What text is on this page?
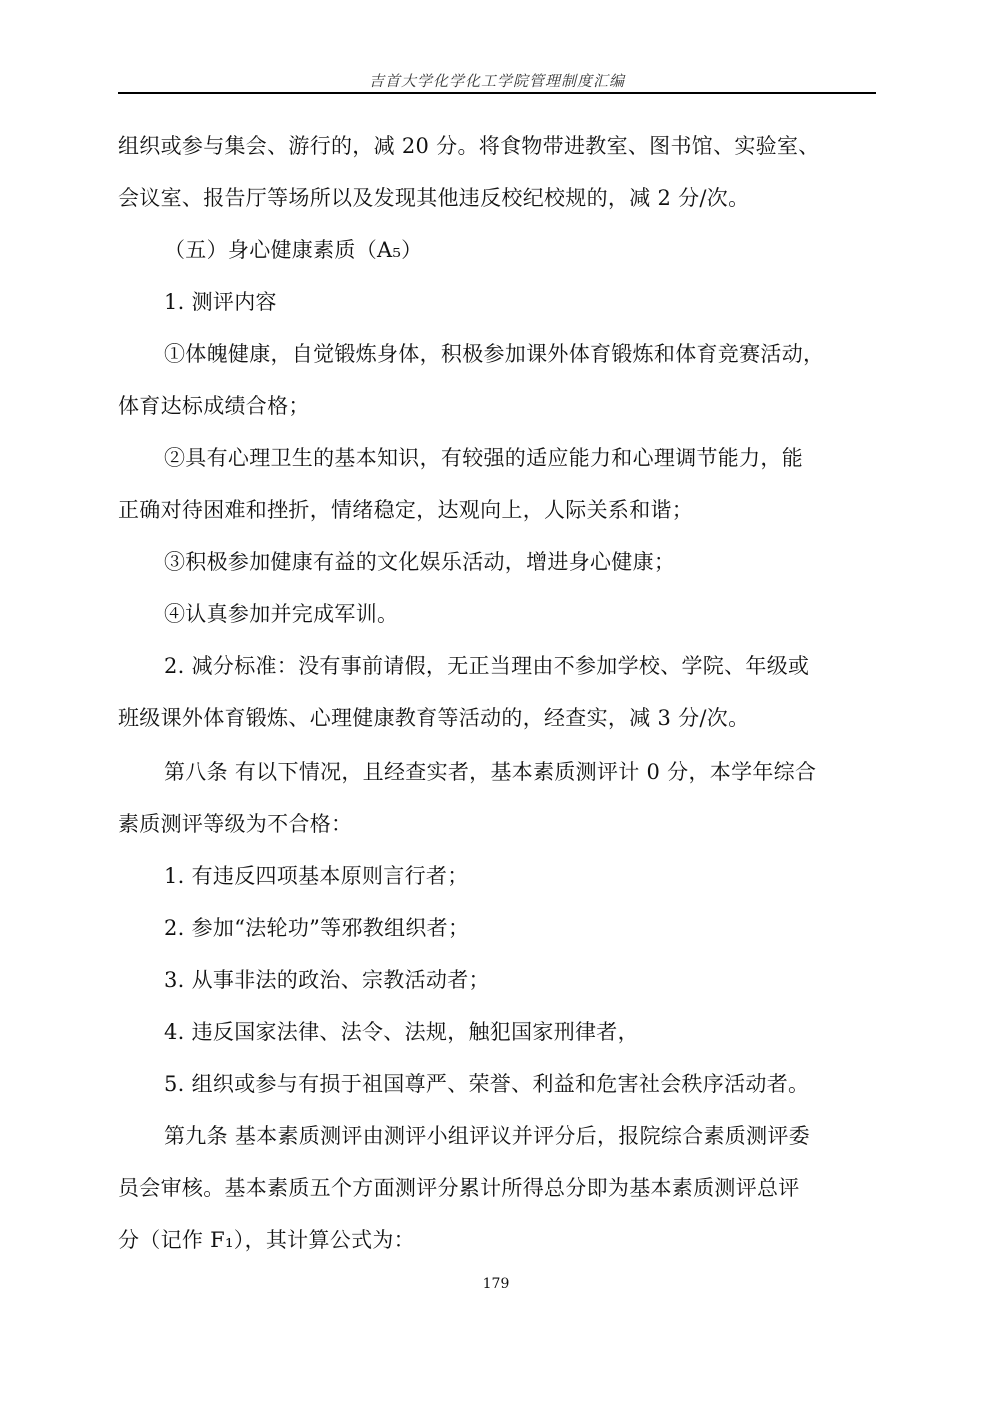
吉首大学化学化工学院管理制度汇编
组织或参与集会、游行的，减 20 分。将食物带进教室、图书馆、实验室、
会议室、报告厅等场所以及发现其他违反校纪校规的，减 2 分/次。
（五）身心健康素质（A₅）
1. 测评内容
①体魄健康，自觉锻炼身体，积极参加课外体育锻炼和体育竞赛活动，
体育达标成绩合格；
②具有心理卫生的基本知识，有较强的适应能力和心理调节能力，能
正确对待困难和挫折，情绪稳定，达观向上，人际关系和谐；
③积极参加健康有益的文化娱乐活动，增进身心健康；
④认真参加并完成军训。
2. 减分标准：没有事前请假，无正当理由不参加学校、学院、年级或
班级课外体育锻炼、心理健康教育等活动的，经查实，减 3 分/次。
第八条 有以下情况，且经查实者，基本素质测评计 0 分，本学年综合
素质测评等级为不合格：
1. 有违反四项基本原则言行者；
2. 参加“法轮功”等邪教组织者；
3. 从事非法的政治、宗教活动者；
4. 违反国家法律、法令、法规，触犯国家刑律者，
5. 组织或参与有损于祖国尊严、荣誉、利益和危害社会秩序活动者。
第九条 基本素质测评由测评小组评议并评分后，报院综合素质测评委
员会审核。基本素质五个方面测评分累计所得总分即为基本素质测评总评
分（记作 F₁），其计算公式为：
179
